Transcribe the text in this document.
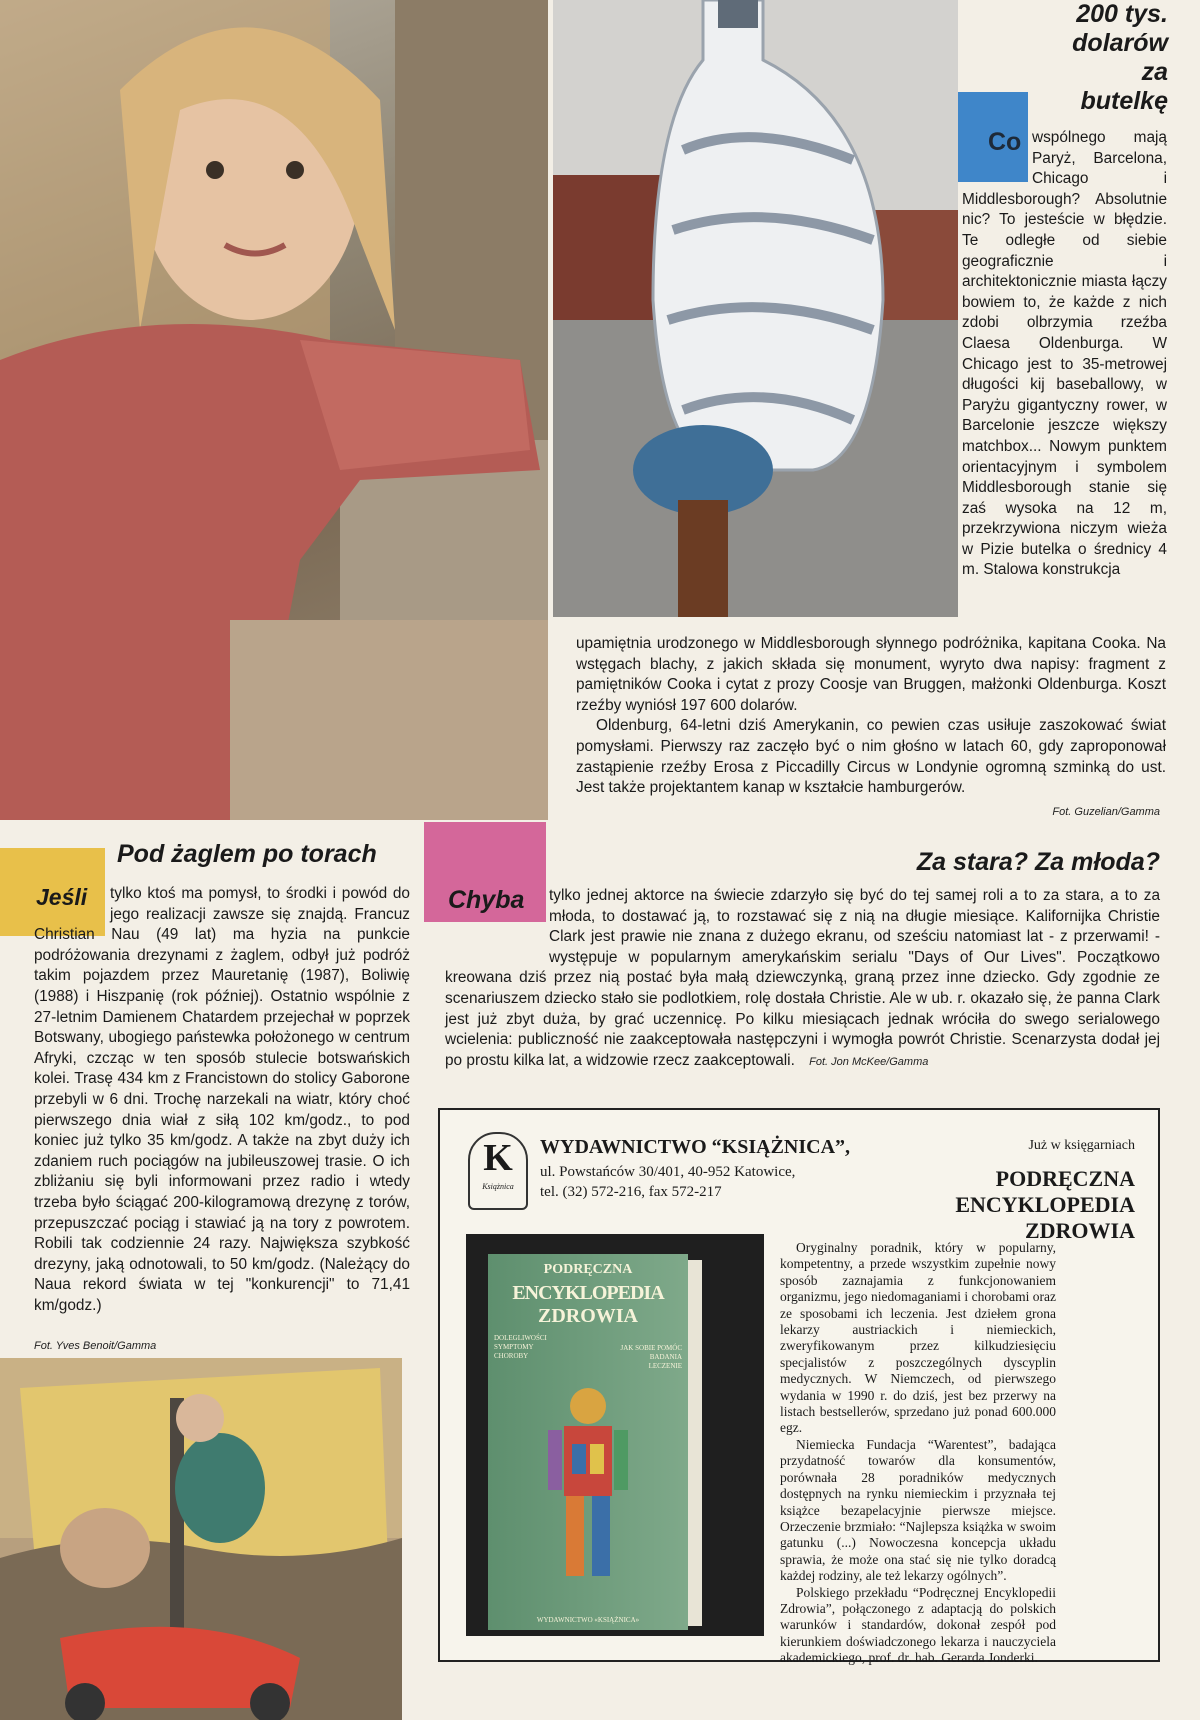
200 tys.
dolarów
za
butelkę
Co wspólnego mają Paryż, Barcelona, Chicago i Middlesborough? Absolutnie nic? To jesteście w błędzie. Te odległe od siebie geograficznie i architektonicznie miasta łączy bowiem to, że każde z nich zdobi olbrzymia rzeźba Claesa Oldenburga. W Chicago jest to 35-metrowej długości kij baseballowy, w Paryżu gigantyczny rower, w Barcelonie jeszcze większy matchbox... Nowym punktem orientacyjnym i symbolem Middlesborough stanie się zaś wysoka na 12 m, przekrzywiona niczym wieża w Pizie butelka o średnicy 4 m. Stalowa konstrukcja

upamiętnia urodzonego w Middlesborough słynnego podróżnika, kapitana Cooka. Na wstęgach blachy, z jakich składa się monument, wyryto dwa napisy: fragment z pamiętników Cooka i cytat z prozy Coosje van Bruggen, małżonki Oldenburga. Koszt rzeźby wyniósł 197 600 dolarów.

Oldenburg, 64-letni dziś Amerykanin, co pewien czas usiłuje zaszokować świat pomysłami. Pierwszy raz zaczęło być o nim głośno w latach 60, gdy zaproponował zastąpienie rzeźby Erosa z Piccadilly Circus w Londynie ogromną szminką do ust. Jest także projektantem kanap w kształcie hamburgerów.

Fot. Guzelian/Gamma
Pod żaglem po torach
Jeśli	tylko ktoś ma pomysł, to środki i powód do jego realizacji zawsze się znajdą. Francuz Christian Nau (49 lat) ma hyzia na punkcie podróżowania drezynami z żaglem, odbył już podróż takim pojazdem przez Mauretanię (1987), Boliwię (1988) i Hiszpanię (rok później). Ostatnio wspólnie z 27-letnim Damienem Chatardem przejechał w poprzek Botswany, ubogiego państewka położonego w centrum Afryki, czcząc w ten sposób stulecie botswańskich kolei. Trasę 434 km z Francistown do stolicy Gaborone przebyli w 6 dni. Trochę narzekali na wiatr, który choć pierwszego dnia wiał z siłą 102 km/godz., to pod koniec już tylko 35 km/godz. A także na zbyt duży ich zdaniem ruch pociągów na jubileuszowej trasie. O ich zbliżaniu się byli informowani przez radio i wtedy trzeba było ściągać 200-kilogramową drezynę z torów, przepuszczać pociąg i stawiać ją na tory z powrotem. Robili tak codziennie 24 razy. Największa szybkość drezyny, jaką odnotowali, to 50 km/godz. (Należący do Naua rekord świata w tej "konkurencji" to 71,41 km/godz.)
Fot. Yves Benoit/Gamma
Za stara? Za młoda?
Chyba	tylko jednej aktorce na świecie zdarzyło się być do tej samej roli a to za stara, a to za młoda, to dostawać ją, to rozstawać się z nią na długie miesiące. Kalifornijka Christie Clark jest prawie nie znana z dużego ekranu, od sześciu natomiast lat - z przerwami! - występuje w popularnym amerykańskim serialu "Days of Our Lives". Początkowo kreowana dziś przez nią postać była małą dziewczynką, graną przez inne dziecko. Gdy zgodnie ze scenariuszem dziecko stało sie podlotkiem, rolę dostała Christie. Ale w ub. r. okazało się, że panna Clark jest już zbyt duża, by grać uczennicę. Po kilku miesiącach jednak wróciła do swego serialowego wcielenia: publiczność nie zaakceptowała następczyni i wymogła powrót Christie. Scenarzysta dodał jej po prostu kilka lat, a widzowie rzecz zaakceptowali. Fot. Jon McKee/Gamma
K
Książnica
WYDAWNICTWO “KSIĄŻNICA”,
ul. Powstańców 30/401, 40-952 Katowice,
tel. (32) 572-216, fax 572-217
Już w księgarniach
PODRĘCZNA
ENCYKLOPEDIA
ZDROWIA
PODRĘCZNA
ENCYKLOPEDIA
ZDROWIA
DOLEGLIWOŚCI
SYMPTOMY
CHOROBY
JAK SOBIE POMÓC
BADANIA
LECZENIE
WYDAWNICTWO «KSIĄŻNICA»

Oryginalny poradnik, który w popularny, kompetentny, a przede wszystkim zupełnie nowy sposób zaznajamia z funkcjonowaniem organizmu, jego niedomaganiami i chorobami oraz ze sposobami ich leczenia. Jest dziełem grona lekarzy austriackich i niemieckich, zweryfikowanym przez kilkudziesięciu specjalistów z poszczególnych dyscyplin medycznych. W Niemczech, od pierwszego wydania w 1990 r. do dziś, jest bez przerwy na listach bestsellerów, sprzedano już ponad 600.000 egz.

Niemiecka Fundacja “Warentest”, badająca przydatność towarów dla konsumentów, porównała 28 poradników medycznych dostępnych na rynku niemieckim i przyznała tej książce bezapelacyjnie pierwsze miejsce. Orzeczenie brzmiało: “Najlepsza książka w swoim gatunku (...) Nowoczesna koncepcja układu sprawia, że może ona stać się nie tylko doradcą każdej rodziny, ale też lekarzy ogólnych”.

Polskiego przekładu “Podręcznej Encyklopedii Zdrowia”, połączonego z adaptacją do polskich warunków i standardów, dokonał zespół pod kierunkiem doświadczonego lekarza i nauczyciela akademickiego, prof. dr. hab. Gerarda Jonderki.
